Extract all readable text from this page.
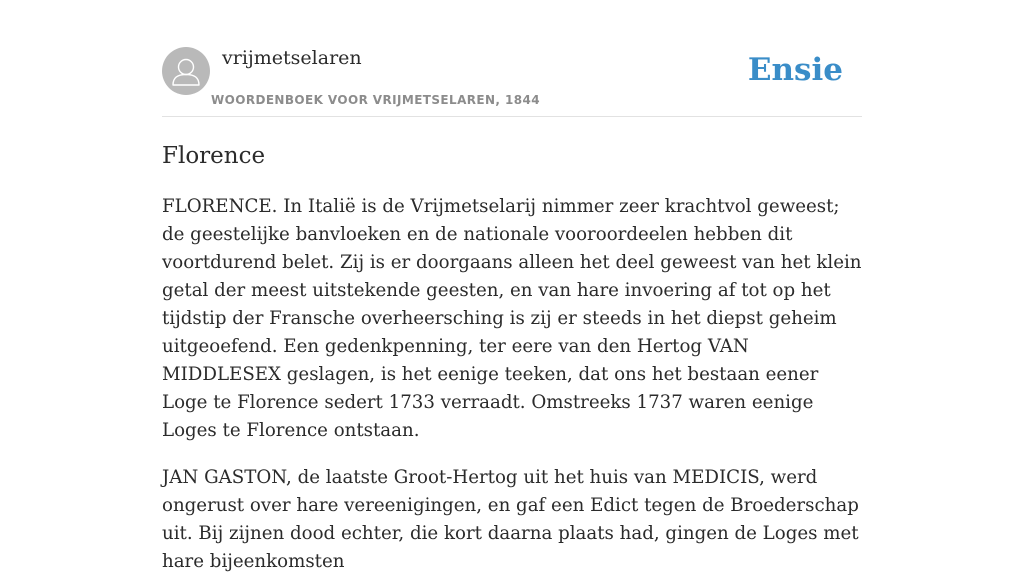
vrijmetselaren
WOORDENBOEK VOOR VRIJMETSELAREN, 1844
Ensie
Florence

FLORENCE. In Italië is de Vrijmetselarij nimmer zeer krachtvol geweest; de geestelijke banvloeken en de nationale vooroordeelen hebben dit voortdurend belet. Zij is er doorgaans alleen het deel geweest van het klein getal der meest uitstekende geesten, en van hare invoering af tot op het tijdstip der Fransche overheersching is zij er steeds in het diepst geheim uitgeoefend. Een gedenkpenning, ter eere van den Hertog VAN MIDDLESEX geslagen, is het eenige teeken, dat ons het bestaan eener Loge te Florence sedert 1733 verraadt. Omstreeks 1737 waren eenige Loges te Florence ontstaan.

JAN GASTON, de laatste Groot-Hertog uit het huis van MEDICIS, werd ongerust over hare vereenigingen, en gaf een Edict tegen de Broederschap uit. Bij zijnen dood echter, die kort daarna plaats had, gingen de Loges met hare bijeenkomsten
